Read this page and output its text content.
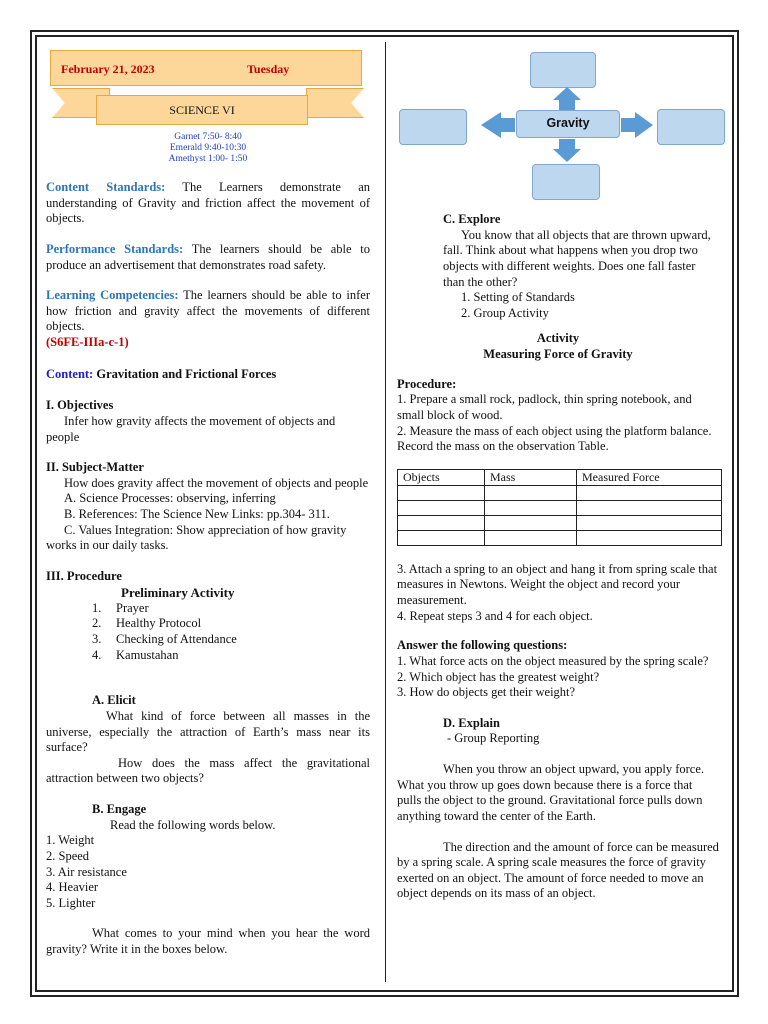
February 21, 2023	Tuesday
SCIENCE VI
Garnet 7:50- 8:40
Emerald 9:40-10:30
Amethyst 1:00- 1:50
Content Standards: The Learners demonstrate an understanding of Gravity and friction affect the movement of objects.
Performance Standards: The learners should be able to produce an advertisement that demonstrates road safety.
Learning Competencies: The learners should be able to infer how friction and gravity affect the movements of different objects.
(S6FE-IIIa-c-1)
Content: Gravitation and Frictional Forces
I. Objectives
Infer how gravity affects the movement of objects and people
II. Subject-Matter
How does gravity affect the movement of objects and people
A. Science Processes: observing, inferring
B. References: The Science New Links: pp.304- 311.
C. Values Integration: Show appreciation of how gravity works in our daily tasks.
III. Procedure
Preliminary Activity
1.	Prayer
2.	Healthy Protocol
3.	Checking of Attendance
4.	Kamustahan
A. Elicit
What kind of force between all masses in the universe, especially the attraction of Earth’s mass near its surface?
How does the mass affect the gravitational attraction between two objects?
B. Engage
Read the following words below.
1. Weight
2. Speed
3. Air resistance
4. Heavier
5. Lighter
What comes to your mind when you hear the word gravity? Write it in the boxes below.
Gravity
C. Explore
You know that all objects that are thrown upward, fall. Think about what happens when you drop two objects with different weights. Does one fall faster than the other?
1. Setting of Standards
2. Group Activity
Activity
Measuring Force of Gravity
Procedure:
1. Prepare a small rock, padlock, thin spring notebook, and small block of wood.
2. Measure the mass of each object using the platform balance. Record the mass on the observation Table.
Objects	Mass	Measured Force

3. Attach a spring to an object and hang it from spring scale that measures in Newtons. Weight the object and record your measurement.
4. Repeat steps 3 and 4 for each object.
Answer the following questions:
1. What force acts on the object measured by the spring scale?
2. Which object has the greatest weight?
3. How do objects get their weight?
D. Explain
- Group Reporting
When you throw an object upward, you apply force. What you throw up goes down because there is a force that pulls the object to the ground. Gravitational force pulls down anything toward the center of the Earth.
The direction and the amount of force can be measured by a spring scale. A spring scale measures the force of gravity exerted on an object. The amount of force needed to move an object depends on its mass of an object.
